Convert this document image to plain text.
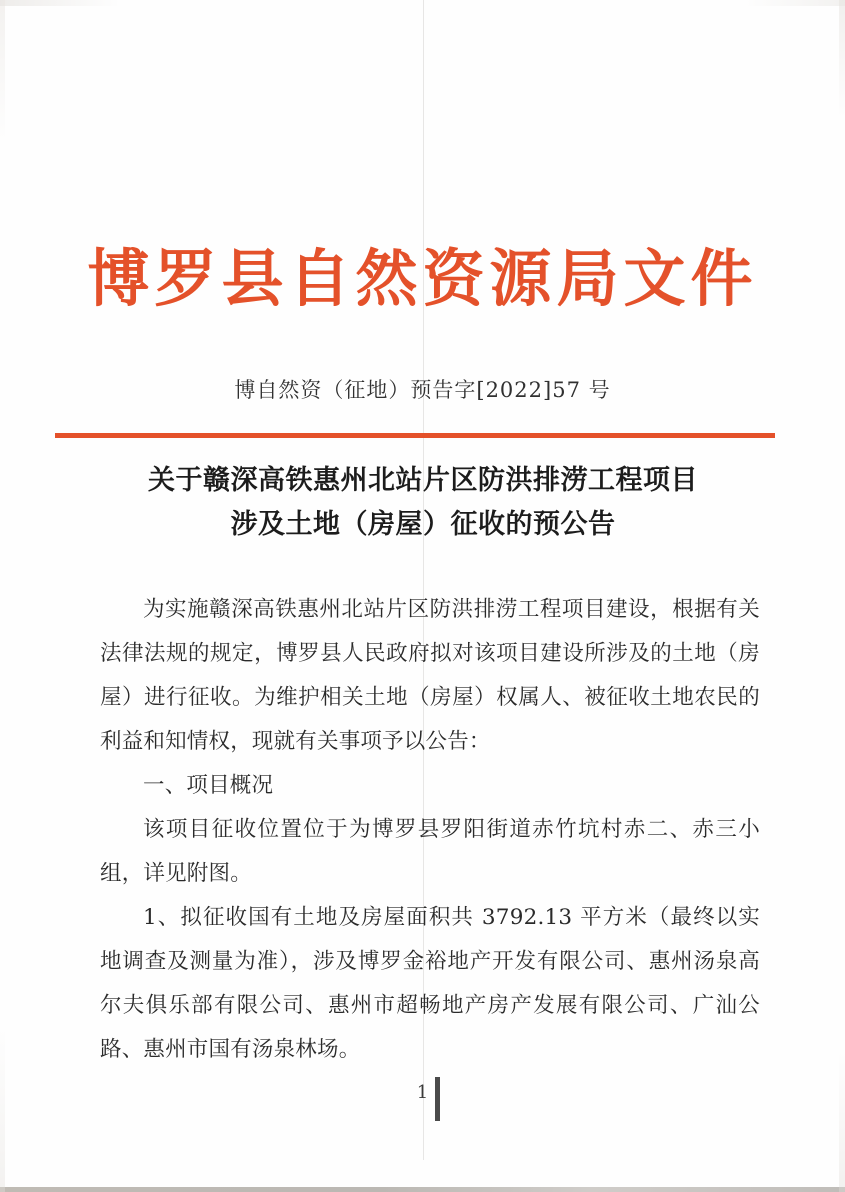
博罗县自然资源局文件
博自然资（征地）预告字[2022]57 号
关于赣深高铁惠州北站片区防洪排涝工程项目
涉及土地（房屋）征收的预公告

为实施赣深高铁惠州北站片区防洪排涝工程项目建设，根据有关法律法规的规定，博罗县人民政府拟对该项目建设所涉及的土地（房屋）进行征收。为维护相关土地（房屋）权属人、被征收土地农民的利益和知情权，现就有关事项予以公告：

一、项目概况

该项目征收位置位于为博罗县罗阳街道赤竹坑村赤二、赤三小组，详见附图。

1、拟征收国有土地及房屋面积共 3792.13 平方米（最终以实地调查及测量为准），涉及博罗金裕地产开发有限公司、惠州汤泉高尔夫俱乐部有限公司、惠州市超畅地产房产发展有限公司、广汕公路、惠州市国有汤泉林场。

1
